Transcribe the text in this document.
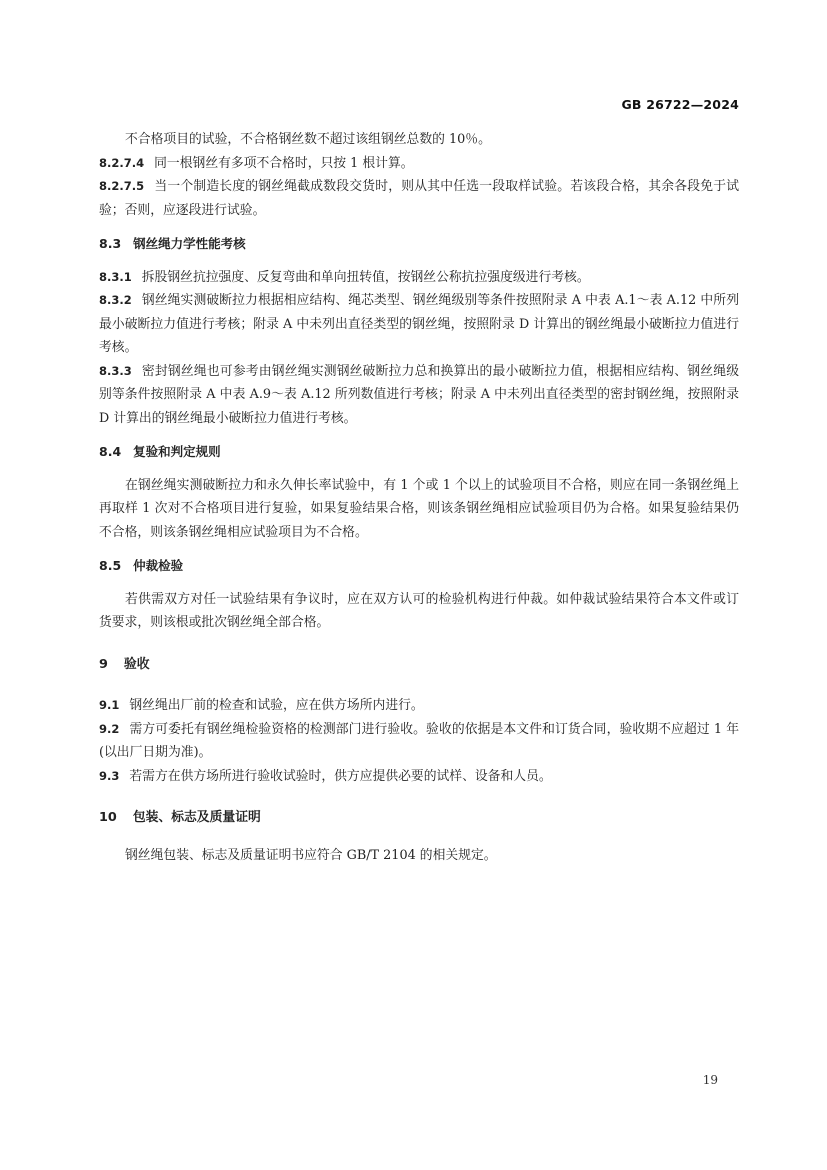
GB 26722—2024

不合格项目的试验，不合格钢丝数不超过该组钢丝总数的 10％。

8.2.7.4 同一根钢丝有多项不合格时，只按 1 根计算。

8.2.7.5 当一个制造长度的钢丝绳截成数段交货时，则从其中任选一段取样试验。若该段合格，其余各段免于试验；否则，应逐段进行试验。

8.3 钢丝绳力学性能考核

8.3.1 拆股钢丝抗拉强度、反复弯曲和单向扭转值，按钢丝公称抗拉强度级进行考核。

8.3.2 钢丝绳实测破断拉力根据相应结构、绳芯类型、钢丝绳级别等条件按照附录 A 中表 A.1～表 A.12 中所列最小破断拉力值进行考核；附录 A 中未列出直径类型的钢丝绳，按照附录 D 计算出的钢丝绳最小破断拉力值进行考核。

8.3.3 密封钢丝绳也可参考由钢丝绳实测钢丝破断拉力总和换算出的最小破断拉力值，根据相应结构、钢丝绳级别等条件按照附录 A 中表 A.9～表 A.12 所列数值进行考核；附录 A 中未列出直径类型的密封钢丝绳，按照附录 D 计算出的钢丝绳最小破断拉力值进行考核。

8.4 复验和判定规则

在钢丝绳实测破断拉力和永久伸长率试验中，有 1 个或 1 个以上的试验项目不合格，则应在同一条钢丝绳上再取样 1 次对不合格项目进行复验，如果复验结果合格，则该条钢丝绳相应试验项目仍为合格。如果复验结果仍不合格，则该条钢丝绳相应试验项目为不合格。

8.5 仲裁检验

若供需双方对任一试验结果有争议时，应在双方认可的检验机构进行仲裁。如仲裁试验结果符合本文件或订货要求，则该根或批次钢丝绳全部合格。

9 验收

9.1 钢丝绳出厂前的检查和试验，应在供方场所内进行。

9.2 需方可委托有钢丝绳检验资格的检测部门进行验收。验收的依据是本文件和订货合同，验收期不应超过 1 年(以出厂日期为准)。

9.3 若需方在供方场所进行验收试验时，供方应提供必要的试样、设备和人员。

10 包装、标志及质量证明

钢丝绳包装、标志及质量证明书应符合 GB/T 2104 的相关规定。

19
